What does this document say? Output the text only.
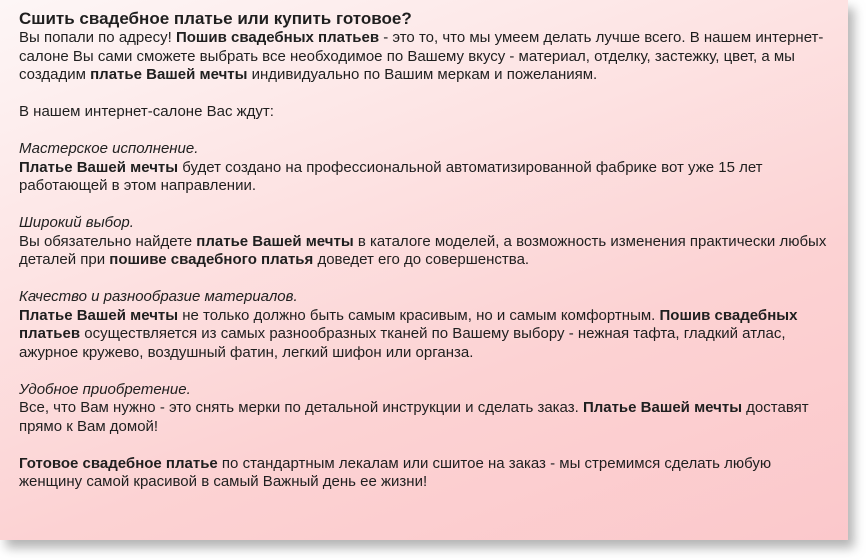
Сшить свадебное платье или купить готовое?

Вы попали по адресу! Пошив свадебных платьев - это то, что мы умеем делать лучше всего. В нашем интернет-салоне Вы сами сможете выбрать все необходимое по Вашему вкусу - материал, отделку, застежку, цвет, а мы создадим платье Вашей мечты индивидуально по Вашим меркам и пожеланиям.

В нашем интернет-салоне Вас ждут:

Мастерское исполнение.

Платье Вашей мечты будет создано на профессиональной автоматизированной фабрике вот уже 15 лет работающей в этом направлении.

Широкий выбор.

Вы обязательно найдете платье Вашей мечты в каталоге моделей, а возможность изменения практически любых деталей при пошиве свадебного платья доведет его до совершенства.

Качество и разнообразие материалов.

Платье Вашей мечты не только должно быть самым красивым, но и самым комфортным. Пошив свадебных платьев осуществляется из самых разнообразных тканей по Вашему выбору - нежная тафта, гладкий атлас, ажурное кружево, воздушный фатин, легкий шифон или органза.

Удобное приобретение.

Все, что Вам нужно - это снять мерки по детальной инструкции и сделать заказ. Платье Вашей мечты доставят прямо к Вам домой!

Готовое свадебное платье по стандартным лекалам или сшитое на заказ - мы стремимся сделать любую женщину самой красивой в самый Важный день ее жизни!
